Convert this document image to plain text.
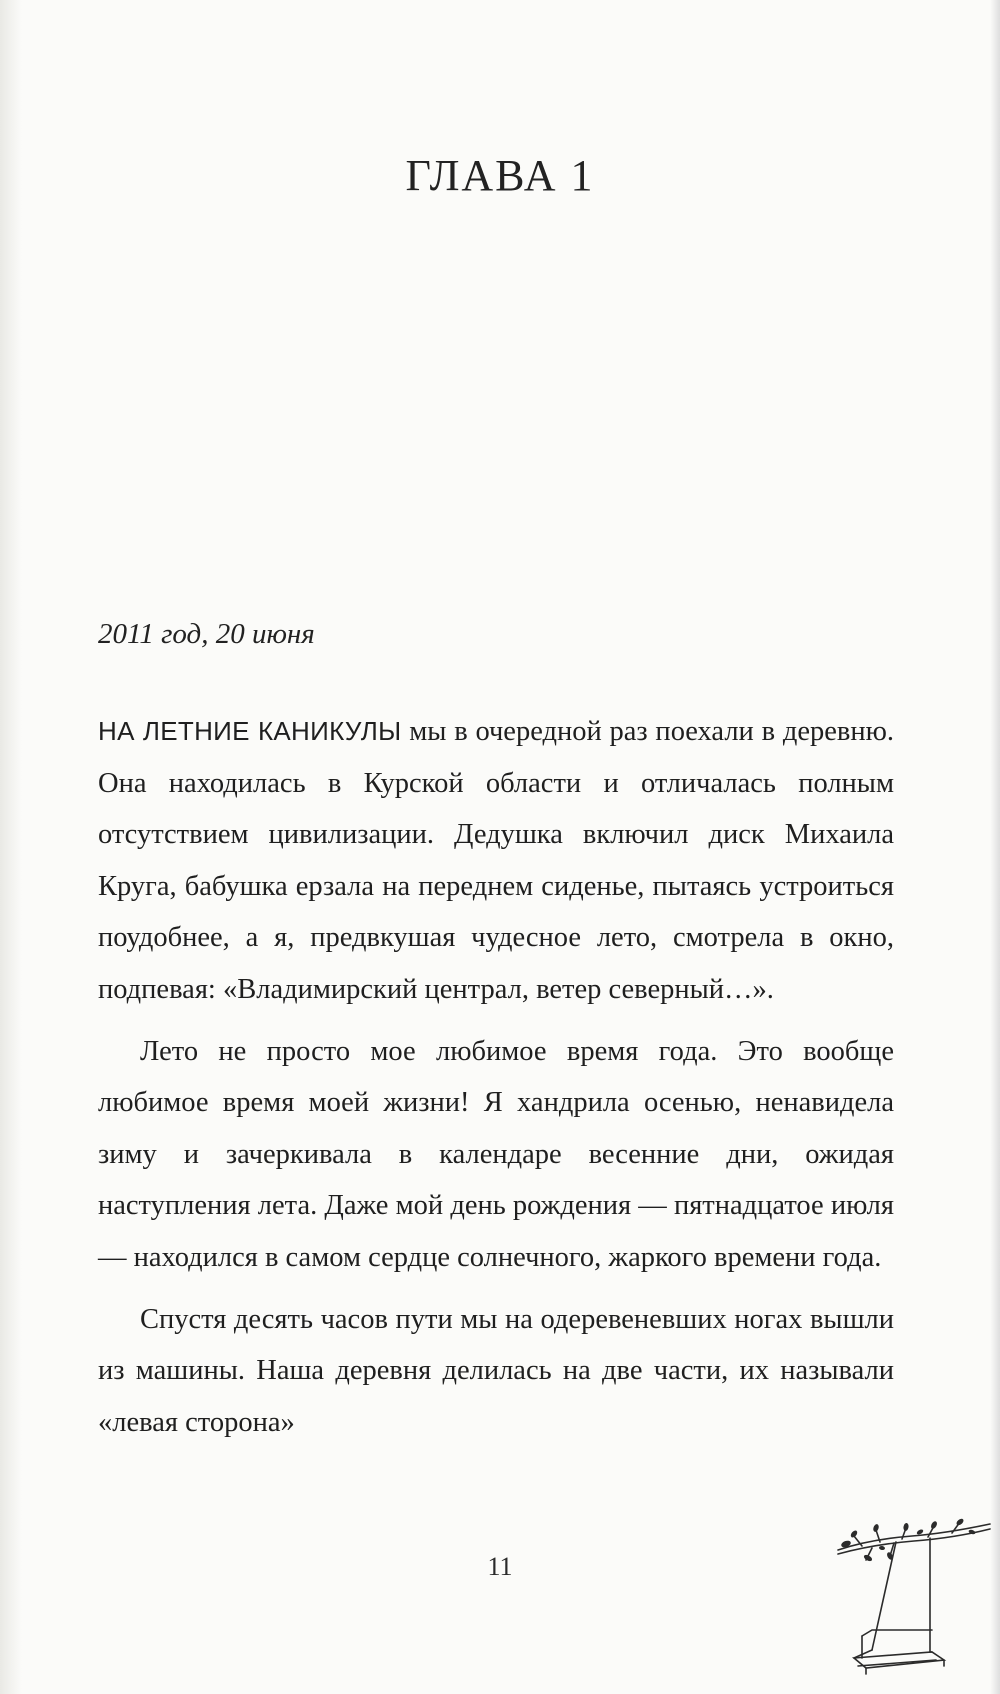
ГЛАВА 1
2011 год, 20 июня

НА ЛЕТНИЕ КАНИКУЛЫ мы в очередной раз поехали в деревню. Она находилась в Курской области и отличалась полным отсутствием цивилизации. Дедушка включил диск Михаила Круга, бабушка ерзала на переднем сиденье, пытаясь устроиться поудобнее, а я, предвкушая чудесное лето, смотрела в окно, подпевая: «Владимирский централ, ветер северный…».

Лето не просто мое любимое время года. Это вообще любимое время моей жизни! Я хандрила осенью, ненавидела зиму и зачеркивала в календаре весенние дни, ожидая наступления лета. Даже мой день рождения — пятнадцатое июля — находился в самом сердце солнечного, жаркого времени года.

Спустя десять часов пути мы на одеревеневших ногах вышли из машины. Наша деревня делилась на две части, их называли «левая сторона»

11
